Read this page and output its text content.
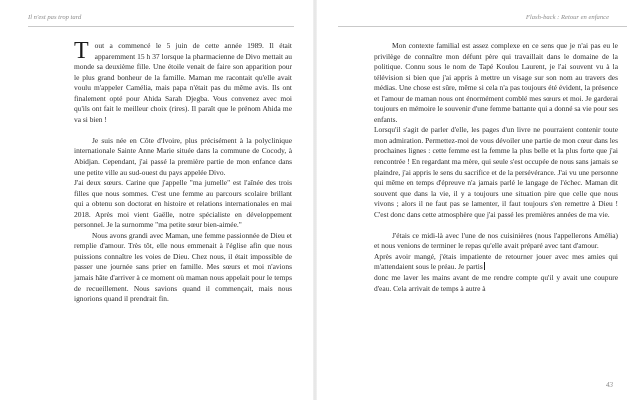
Il n'est pas trop tard

Tout a commencé le 5 juin de cette année 1989. Il était apparemment 15 h 37 lorsque la pharmacienne de Divo mettait au monde sa deuxième fille. Une étoile venait de faire son apparition pour le plus grand bonheur de la famille. Maman me racontait qu'elle avait voulu m'appeler Camélia, mais papa n'était pas du même avis. Ils ont finalement opté pour Ahida Sarah Djegba. Vous convenez avec moi qu'ils ont fait le meilleur choix (rires). Il paraît que le prénom Ahida me va si bien !

Je suis née en Côte d'Ivoire, plus précisément à la polyclinique internationale Sainte Anne Marie située dans la commune de Cocody, à Abidjan. Cependant, j'ai passé la première partie de mon enfance dans une petite ville au sud-ouest du pays appelée Divo.

J'ai deux sœurs. Carine que j'appelle "ma jumelle" est l'aînée des trois filles que nous sommes. C'est une femme au parcours scolaire brillant qui a obtenu son doctorat en histoire et relations internationales en mai 2018. Après moi vient Gaëlle, notre spécialiste en développement personnel. Je la surnomme "ma petite sœur bien-aimée."

Nous avons grandi avec Maman, une femme passionnée de Dieu et remplie d'amour. Très tôt, elle nous emmenait à l'église afin que nous puissions connaître les voies de Dieu. Chez nous, il était impossible de passer une journée sans prier en famille. Mes sœurs et moi n'avions jamais hâte d'arriver à ce moment où maman nous appelait pour le temps de recueillement. Nous savions quand il commençait, mais nous ignorions quand il prendrait fin.

Flash-back : Retour en enfance

Mon contexte familial est assez complexe en ce sens que je n'ai pas eu le privilège de connaître mon défunt père qui travaillait dans le domaine de la politique. Connu sous le nom de Tapé Koulou Laurent, je l'ai souvent vu à la télévision si bien que j'ai appris à mettre un visage sur son nom au travers des médias. Une chose est sûre, même si cela n'a pas toujours été évident, la présence et l'amour de maman nous ont énormément comblé mes sœurs et moi. Je garderai toujours en mémoire le souvenir d'une femme battante qui a donné sa vie pour ses enfants.

Lorsqu'il s'agit de parler d'elle, les pages d'un livre ne pourraient contenir toute mon admiration. Permettez-moi de vous dévoiler une partie de mon cœur dans les prochaines lignes : cette femme est la femme la plus belle et la plus forte que j'ai rencontrée ! En regardant ma mère, qui seule s'est occupée de nous sans jamais se plaindre, j'ai appris le sens du sacrifice et de la persévérance. J'ai vu une personne qui même en temps d'épreuve n'a jamais parlé le langage de l'échec. Maman dit souvent que dans la vie, il y a toujours une situation pire que celle que nous vivons ; alors il ne faut pas se lamenter, il faut toujours s'en remettre à Dieu ! C'est donc dans cette atmosphère que j'ai passé les premières années de ma vie.

J'étais ce midi-là avec l'une de nos cuisinières (nous l'appellerons Amélia) et nous venions de terminer le repas qu'elle avait préparé avec tant d'amour.

Après avoir mangé, j'étais impatiente de retourner jouer avec mes amies qui m'attendaient sous le préau. Je partis

donc me laver les mains avant de me rendre compte qu'il y avait une coupure d'eau. Cela arrivait de temps à autre à

43
